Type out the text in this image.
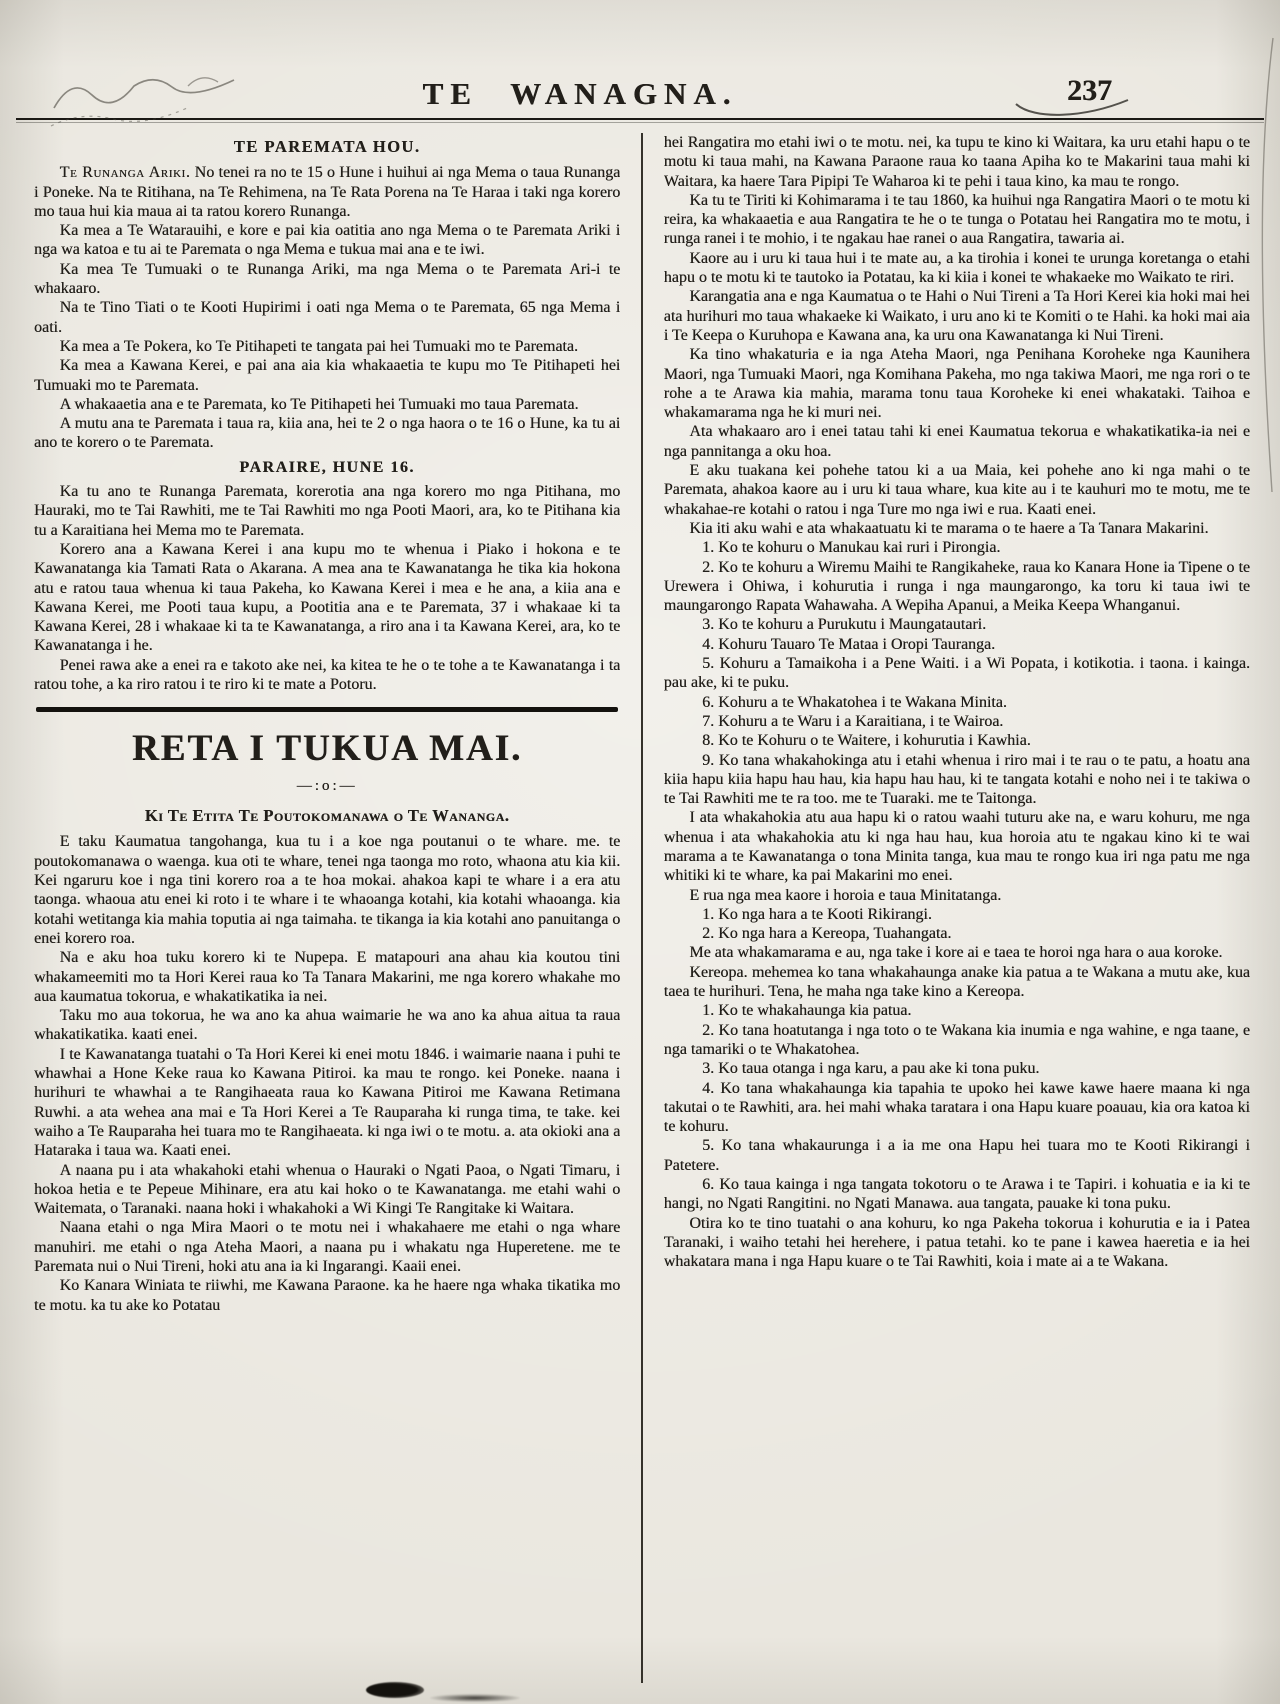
TE WANAGNA.	237

TE PAREMATA HOU.

Te Runanga Ariki. No tenei ra no te 15 o Hune i huihui ai nga Mema o taua Runanga i Poneke. Na te Ritihana, na Te Rehimena, na Te Rata Porena na Te Haraa i taki nga korero mo taua hui kia maua ai ta ratou korero Runanga.

Ka mea a Te Watarauihi, e kore e pai kia oatitia ano nga Mema o te Paremata Ariki i nga wa katoa e tu ai te Paremata o nga Mema e tukua mai ana e te iwi.

Ka mea Te Tumuaki o te Runanga Ariki, ma nga Mema o te Paremata Ari-i te whakaaro.

Na te Tino Tiati o te Kooti Hupirimi i oati nga Mema o te Paremata, 65 nga Mema i oati.

Ka mea a Te Pokera, ko Te Pitihapeti te tangata pai hei Tumuaki mo te Paremata.

Ka mea a Kawana Kerei, e pai ana aia kia whakaaetia te kupu mo Te Pitihapeti hei Tumuaki mo te Paremata.

A whakaaetia ana e te Paremata, ko Te Pitihapeti hei Tumuaki mo taua Paremata.

A mutu ana te Paremata i taua ra, kiia ana, hei te 2 o nga haora o te 16 o Hune, ka tu ai ano te korero o te Paremata.

PARAIRE, HUNE 16.

Ka tu ano te Runanga Paremata, korerotia ana nga korero mo nga Pitihana, mo Hauraki, mo te Tai Rawhiti, me te Tai Rawhiti mo nga Pooti Maori, ara, ko te Pitihana kia tu a Karaitiana hei Mema mo te Paremata.

Korero ana a Kawana Kerei i ana kupu mo te whenua i Piako i hokona e te Kawanatanga kia Tamati Rata o Akarana. A mea ana te Kawanatanga he tika kia hokona atu e ratou taua whenua ki taua Pakeha, ko Kawana Kerei i mea e he ana, a kiia ana e Kawana Kerei, me Pooti taua kupu, a Pootitia ana e te Paremata, 37 i whakaae ki ta Kawana Kerei, 28 i whakaae ki ta te Kawanatanga, a riro ana i ta Kawana Kerei, ara, ko te Kawanatanga i he.

Penei rawa ake a enei ra e takoto ake nei, ka kitea te he o te tohe a te Kawanatanga i ta ratou tohe, a ka riro ratou i te riro ki te mate a Potoru.

RETA I TUKUA MAI.

—:o:—

Ki Te Etita Te Poutokomanawa o Te Wananga.

E taku Kaumatua tangohanga, kua tu i a koe nga poutanui o te whare. me. te poutokomanawa o waenga. kua oti te whare, tenei nga taonga mo roto, whaona atu kia kii. Kei ngaruru koe i nga tini korero roa a te hoa mokai. ahakoa kapi te whare i a era atu taonga. whaoua atu enei ki roto i te whare i te whaoanga kotahi, kia kotahi whaoanga. kia kotahi wetitanga kia mahia toputia ai nga taimaha. te tikanga ia kia kotahi ano panuitanga o enei korero roa.

Na e aku hoa tuku korero ki te Nupepa. E matapouri ana ahau kia koutou tini whakameemiti mo ta Hori Kerei raua ko Ta Tanara Makarini, me nga korero whakahe mo aua kaumatua tokorua, e whakatikatika ia nei.

Taku mo aua tokorua, he wa ano ka ahua waimarie he wa ano ka ahua aitua ta raua whakatikatika. kaati enei.

I te Kawanatanga tuatahi o Ta Hori Kerei ki enei motu 1846. i waimarie naana i puhi te whawhai a Hone Keke raua ko Kawana Pitiroi. ka mau te rongo. kei Poneke. naana i hurihuri te whawhai a te Rangihaeata raua ko Kawana Pitiroi me Kawana Retimana Ruwhi. a ata wehea ana mai e Ta Hori Kerei a Te Rauparaha ki runga tima, te take. kei waiho a Te Rauparaha hei tuara mo te Rangihaeata. ki nga iwi o te motu. a. ata okioki ana a Hataraka i taua wa. Kaati enei.

A naana pu i ata whakahoki etahi whenua o Hauraki o Ngati Paoa, o Ngati Timaru, i hokoa hetia e te Pepeue Mihinare, era atu kai hoko o te Kawanatanga. me etahi wahi o Waitemata, o Taranaki. naana hoki i whakahoki a Wi Kingi Te Rangitake ki Waitara.

Naana etahi o nga Mira Maori o te motu nei i whakahaere me etahi o nga whare manuhiri. me etahi o nga Ateha Maori, a naana pu i whakatu nga Huperetene. me te Paremata nui o Nui Tireni, hoki atu ana ia ki Ingarangi. Kaaii enei.

Ko Kanara Winiata te riiwhi, me Kawana Paraone. ka he haere nga whaka tikatika mo te motu. ka tu ake ko Potatau

hei Rangatira mo etahi iwi o te motu. nei, ka tupu te kino ki Waitara, ka uru etahi hapu o te motu ki taua mahi, na Kawana Paraone raua ko taana Apiha ko te Makarini taua mahi ki Waitara, ka haere Tara Pipipi Te Waharoa ki te pehi i taua kino, ka mau te rongo.

Ka tu te Tiriti ki Kohimarama i te tau 1860, ka huihui nga Rangatira Maori o te motu ki reira, ka whakaaetia e aua Rangatira te he o te tunga o Potatau hei Rangatira mo te motu, i runga ranei i te mohio, i te ngakau hae ranei o aua Rangatira, tawaria ai.

Kaore au i uru ki taua hui i te mate au, a ka tirohia i konei te urunga koretanga o etahi hapu o te motu ki te tautoko ia Potatau, ka ki kiia i konei te whakaeke mo Waikato te riri.

Karangatia ana e nga Kaumatua o te Hahi o Nui Tireni a Ta Hori Kerei kia hoki mai hei ata hurihuri mo taua whakaeke ki Waikato, i uru ano ki te Komiti o te Hahi. ka hoki mai aia i Te Keepa o Kuruhopa e Kawana ana, ka uru ona Kawanatanga ki Nui Tireni.

Ka tino whakaturia e ia nga Ateha Maori, nga Penihana Koroheke nga Kaunihera Maori, nga Tumuaki Maori, nga Komihana Pakeha, mo nga takiwa Maori, me nga rori o te rohe a te Arawa kia mahia, marama tonu taua Koroheke ki enei whakataki. Taihoa e whakamarama nga he ki muri nei.

Ata whakaaro aro i enei tatau tahi ki enei Kaumatua tekorua e whakatikatika-ia nei e nga pannitanga a oku hoa.

E aku tuakana kei pohehe tatou ki a ua Maia, kei pohehe ano ki nga mahi o te Paremata, ahakoa kaore au i uru ki taua whare, kua kite au i te kauhuri mo te motu, me te whakahae-re kotahi o ratou i nga Ture mo nga iwi e rua. Kaati enei.

Kia iti aku wahi e ata whakaatuatu ki te marama o te haere a Ta Tanara Makarini.

1. Ko te kohuru o Manukau kai ruri i Pirongia.

2. Ko te kohuru a Wiremu Maihi te Rangikaheke, raua ko Kanara Hone ia Tipene o te Urewera i Ohiwa, i kohurutia i runga i nga maungarongo, ka toru ki taua iwi te maungarongo Rapata Wahawaha. A Wepiha Apanui, a Meika Keepa Whanganui.

3. Ko te kohuru a Purukutu i Maungatautari.

4. Kohuru Tauaro Te Mataa i Oropi Tauranga.

5. Kohuru a Tamaikoha i a Pene Waiti. i a Wi Popata, i kotikotia. i taona. i kainga. pau ake, ki te puku.

6. Kohuru a te Whakatohea i te Wakana Minita.

7. Kohuru a te Waru i a Karaitiana, i te Wairoa.

8. Ko te Kohuru o te Waitere, i kohurutia i Kawhia.

9. Ko tana whakahokinga atu i etahi whenua i riro mai i te rau o te patu, a hoatu ana kiia hapu kiia hapu hau hau, kia hapu hau hau, ki te tangata kotahi e noho nei i te takiwa o te Tai Rawhiti me te ra too. me te Tuaraki. me te Taitonga.

I ata whakahokia atu aua hapu ki o ratou waahi tuturu ake na, e waru kohuru, me nga whenua i ata whakahokia atu ki nga hau hau, kua horoia atu te ngakau kino ki te wai marama a te Kawanatanga o tona Minita tanga, kua mau te rongo kua iri nga patu me nga whitiki ki te whare, ka pai Makarini mo enei.

E rua nga mea kaore i horoia e taua Minitatanga.

1. Ko nga hara a te Kooti Rikirangi.

2. Ko nga hara a Kereopa, Tuahangata.

Me ata whakamarama e au, nga take i kore ai e taea te horoi nga hara o aua koroke.

Kereopa. mehemea ko tana whakahaunga anake kia patua a te Wakana a mutu ake, kua taea te hurihuri. Tena, he maha nga take kino a Kereopa.

1. Ko te whakahaunga kia patua.

2. Ko tana hoatutanga i nga toto o te Wakana kia inumia e nga wahine, e nga taane, e nga tamariki o te Whakatohea.

3. Ko taua otanga i nga karu, a pau ake ki tona puku.

4. Ko tana whakahaunga kia tapahia te upoko hei kawe kawe haere maana ki nga takutai o te Rawhiti, ara. hei mahi whaka taratara i ona Hapu kuare poauau, kia ora katoa ki te kohuru.

5. Ko tana whakaurunga i a ia me ona Hapu hei tuara mo te Kooti Rikirangi i Patetere.

6. Ko taua kainga i nga tangata tokotoru o te Arawa i te Tapiri. i kohuatia e ia ki te hangi, no Ngati Rangitini. no Ngati Manawa. aua tangata, pauake ki tona puku.

Otira ko te tino tuatahi o ana kohuru, ko nga Pakeha tokorua i kohurutia e ia i Patea Taranaki, i waiho tetahi hei herehere, i patua tetahi. ko te pane i kawea haeretia e ia hei whakatara mana i nga Hapu kuare o te Tai Rawhiti, koia i mate ai a te Wakana.
